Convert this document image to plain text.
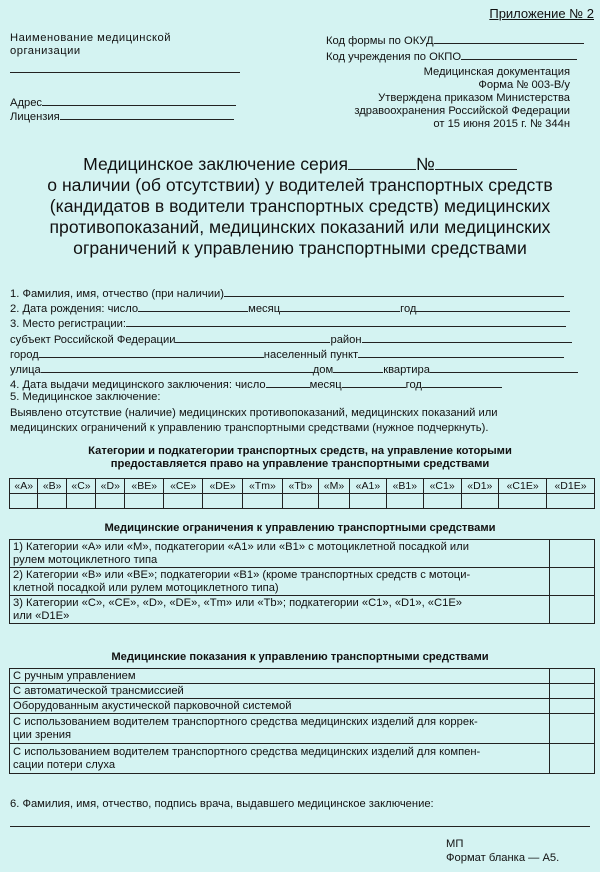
Приложение № 2
Наименование медицинской
организации
Адрес
Лицензия
Код формы по ОКУД
Код учреждения по ОКПО
Медицинская документация
Форма № 003-В/у
Утверждена приказом Министерства
здравоохранения Российской Федерации
от 15 июня 2015 г. № 344н
Медицинское заключение серия	№
о наличии (об отсутствии) у водителей транспортных средств
(кандидатов в водители транспортных средств) медицинских
противопоказаний, медицинских показаний или медицинских
ограничений к управлению транспортными средствами
1. Фамилия, имя, отчество (при наличии)
2. Дата рождения: число	месяц	год
3. Место регистрации:
субъект Российской Федерации	район
город	населенный пункт
улица	дом	квартира
4. Дата выдачи медицинского заключения: число	месяц	год
5. Медицинское заключение:
Выявлено отсутствие (наличие) медицинских противопоказаний, медицинских показаний или
медицинских ограничений к управлению транспортными средствами (нужное подчеркнуть).
Категории и подкатегории транспортных средств, на управление которыми
предоставляется право на управление транспортными средствами
«A»	«B»	«C»	«D»	«BE»	«CE»	«DE»	«Tm»	«Tb»	«M»	«A1»	«B1»	«C1»	«D1»	«C1E»	«D1E»

Медицинские ограничения к управлению транспортными средствами
1) Категории «A» или «M», подкатегории «A1» или «B1» с мотоциклетной посадкой или
рулем мотоциклетного типа	

2) Категории «B» или «BE»; подкатегории «B1» (кроме транспортных средств с мотоци-
клетной посадкой или рулем мотоциклетного типа)	

3) Категории «C», «CE», «D», «DE», «Tm» или «Tb»; подкатегории «C1», «D1», «C1E»
или «D1E»	

Медицинские показания к управлению транспортными средствами
С ручным управлением	
С автоматической трансмиссией	
Оборудованным акустической парковочной системой	

С использованием водителем транспортного средства медицинских изделий для коррек-
ции зрения	

С использованием водителем транспортного средства медицинских изделий для компен-
сации потери слуха	

6. Фамилия, имя, отчество, подпись врача, выдавшего медицинское заключение:
МП
Формат бланка — А5.
